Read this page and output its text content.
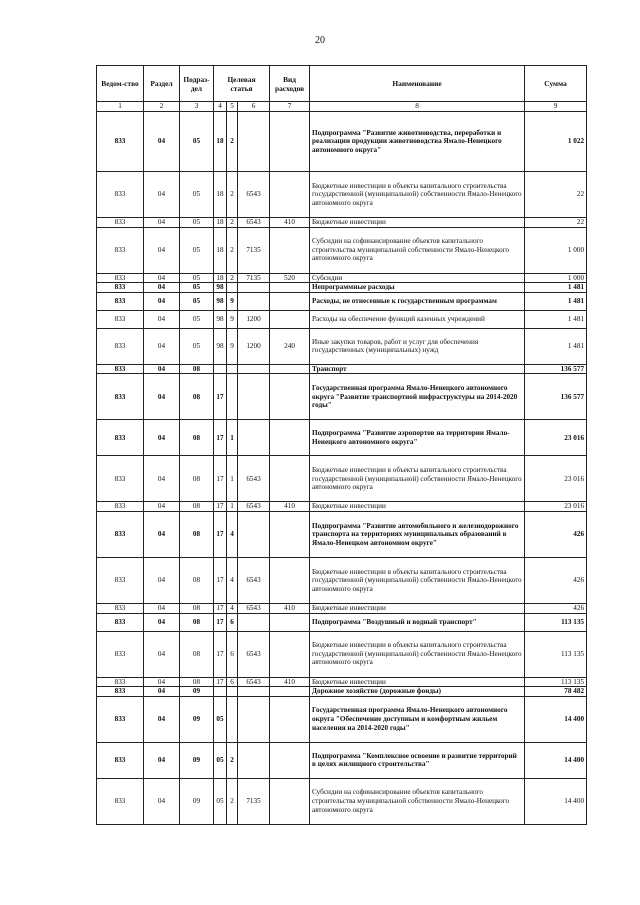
20
Ведом-ство	Раздел	Подраз-дел	Целевая статья			Вид расходов	Наименование	Сумма
1	2	3	4	5	6	7	8	9
833	04	05	18	2			Подпрограмма "Развитие животноводства, переработки и реализации продукции животноводства Ямало-Ненецкого автономного округа"	1 022
833	04	05	18	2	6543		Бюджетные инвестиции в объекты капитального строительства государственной (муниципальной) собственности Ямало-Ненецкого автономного округа	22
833	04	05	18	2	6543	410	Бюджетные инвестиции	22
833	04	05	18	2	7135		Субсидии на софинансирование объектов капитального строительства муниципальной собственности Ямало-Ненецкого автономного округа	1 000
833	04	05	18	2	7135	520	Субсидии	1 000
833	04	05	98				Непрограммные расходы	1 481
833	04	05	98	9			Расходы, не отнесенные к государственным программам	1 481
833	04	05	98	9	1200		Расходы на обеспечение функций казенных учреждений	1 481
833	04	05	98	9	1200	240	Иные закупки товаров, работ и услуг для обеспечения государственных (муниципальных) нужд	1 481
833	04	08					Транспорт	136 577
833	04	08	17				Государственная программа Ямало-Ненецкого автономного округа "Развитие транспортной инфраструктуры на 2014-2020 годы"	136 577
833	04	08	17	1			Подпрограмма "Развитие аэропортов на территории Ямало-Ненецкого автономного округа"	23 016
833	04	08	17	1	6543		Бюджетные инвестиции в объекты капитального строительства государственной (муниципальной) собственности Ямало-Ненецкого автономного округа	23 016
833	04	08	17	1	6543	410	Бюджетные инвестиции	23 016
833	04	08	17	4			Подпрограмма "Развитие автомобильного и железнодорожного транспорта на территориях муниципальных образований в Ямало-Ненецком автономном округе"	426
833	04	08	17	4	6543		Бюджетные инвестиции в объекты капитального строительства государственной (муниципальной) собственности Ямало-Ненецкого автономного округа	426
833	04	08	17	4	6543	410	Бюджетные инвестиции	426
833	04	08	17	6			Подпрограмма "Воздушный и водный транспорт"	113 135
833	04	08	17	6	6543		Бюджетные инвестиции в объекты капитального строительства государственной (муниципальной) собственности Ямало-Ненецкого автономного округа	113 135
833	04	08	17	6	6543	410	Бюджетные инвестиции	113 135
833	04	09					Дорожное хозяйство (дорожные фонды)	78 482
833	04	09	05				Государственная программа Ямало-Ненецкого автономного округа "Обеспечение доступным и комфортным жильем населения на 2014-2020 годы"	14 400
833	04	09	05	2			Подпрограмма "Комплексное освоение и развитие территорий в целях жилищного строительства"	14 400
833	04	09	05	2	7135		Субсидии на софинансирование объектов капитального строительства муниципальной собственности Ямало-Ненецкого автономного округа	14 400
